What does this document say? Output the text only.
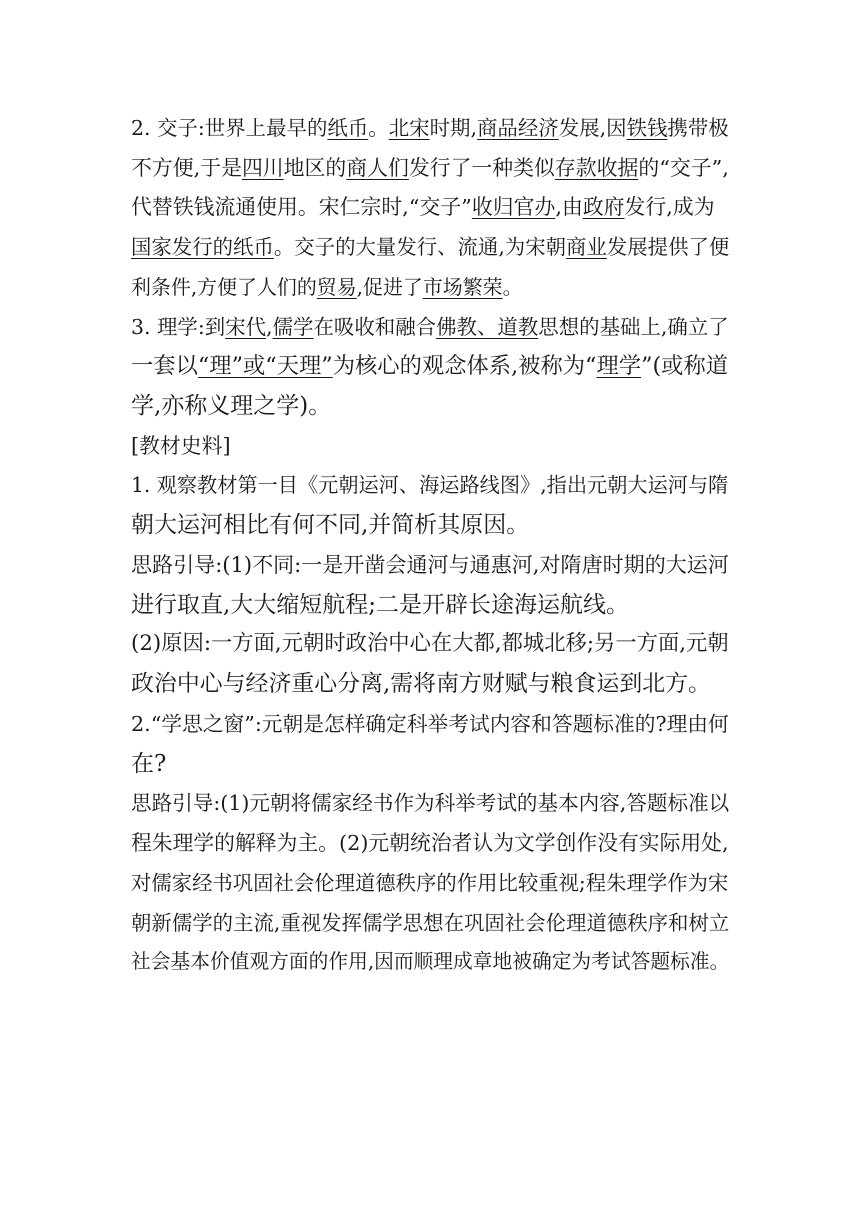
2. 交子:世界上最早的纸币。北宋时期,商品经济发展,因铁钱携带极

不方便,于是四川地区的商人们发行了一种类似存款收据的“交子”,

代替铁钱流通使用。宋仁宗时,“交子”收归官办,由政府发行,成为

国家发行的纸币。交子的大量发行、流通,为宋朝商业发展提供了便

利条件,方便了人们的贸易,促进了市场繁荣。

3. 理学:到宋代,儒学在吸收和融合佛教、道教思想的基础上,确立了

一套以“理”或“天理”为核心的观念体系,被称为“理学”(或称道

学,亦称义理之学)。

[教材史料]

1. 观察教材第一目《元朝运河、海运路线图》,指出元朝大运河与隋

朝大运河相比有何不同,并简析其原因。

思路引导:(1)不同:一是开凿会通河与通惠河,对隋唐时期的大运河

进行取直,大大缩短航程;二是开辟长途海运航线。

(2)原因:一方面,元朝时政治中心在大都,都城北移;另一方面,元朝

政治中心与经济重心分离,需将南方财赋与粮食运到北方。

2.“学思之窗”:元朝是怎样确定科举考试内容和答题标准的?理由何

在?

思路引导:(1)元朝将儒家经书作为科举考试的基本内容,答题标准以

程朱理学的解释为主。(2)元朝统治者认为文学创作没有实际用处,

对儒家经书巩固社会伦理道德秩序的作用比较重视;程朱理学作为宋

朝新儒学的主流,重视发挥儒学思想在巩固社会伦理道德秩序和树立

社会基本价值观方面的作用,因而顺理成章地被确定为考试答题标准。
